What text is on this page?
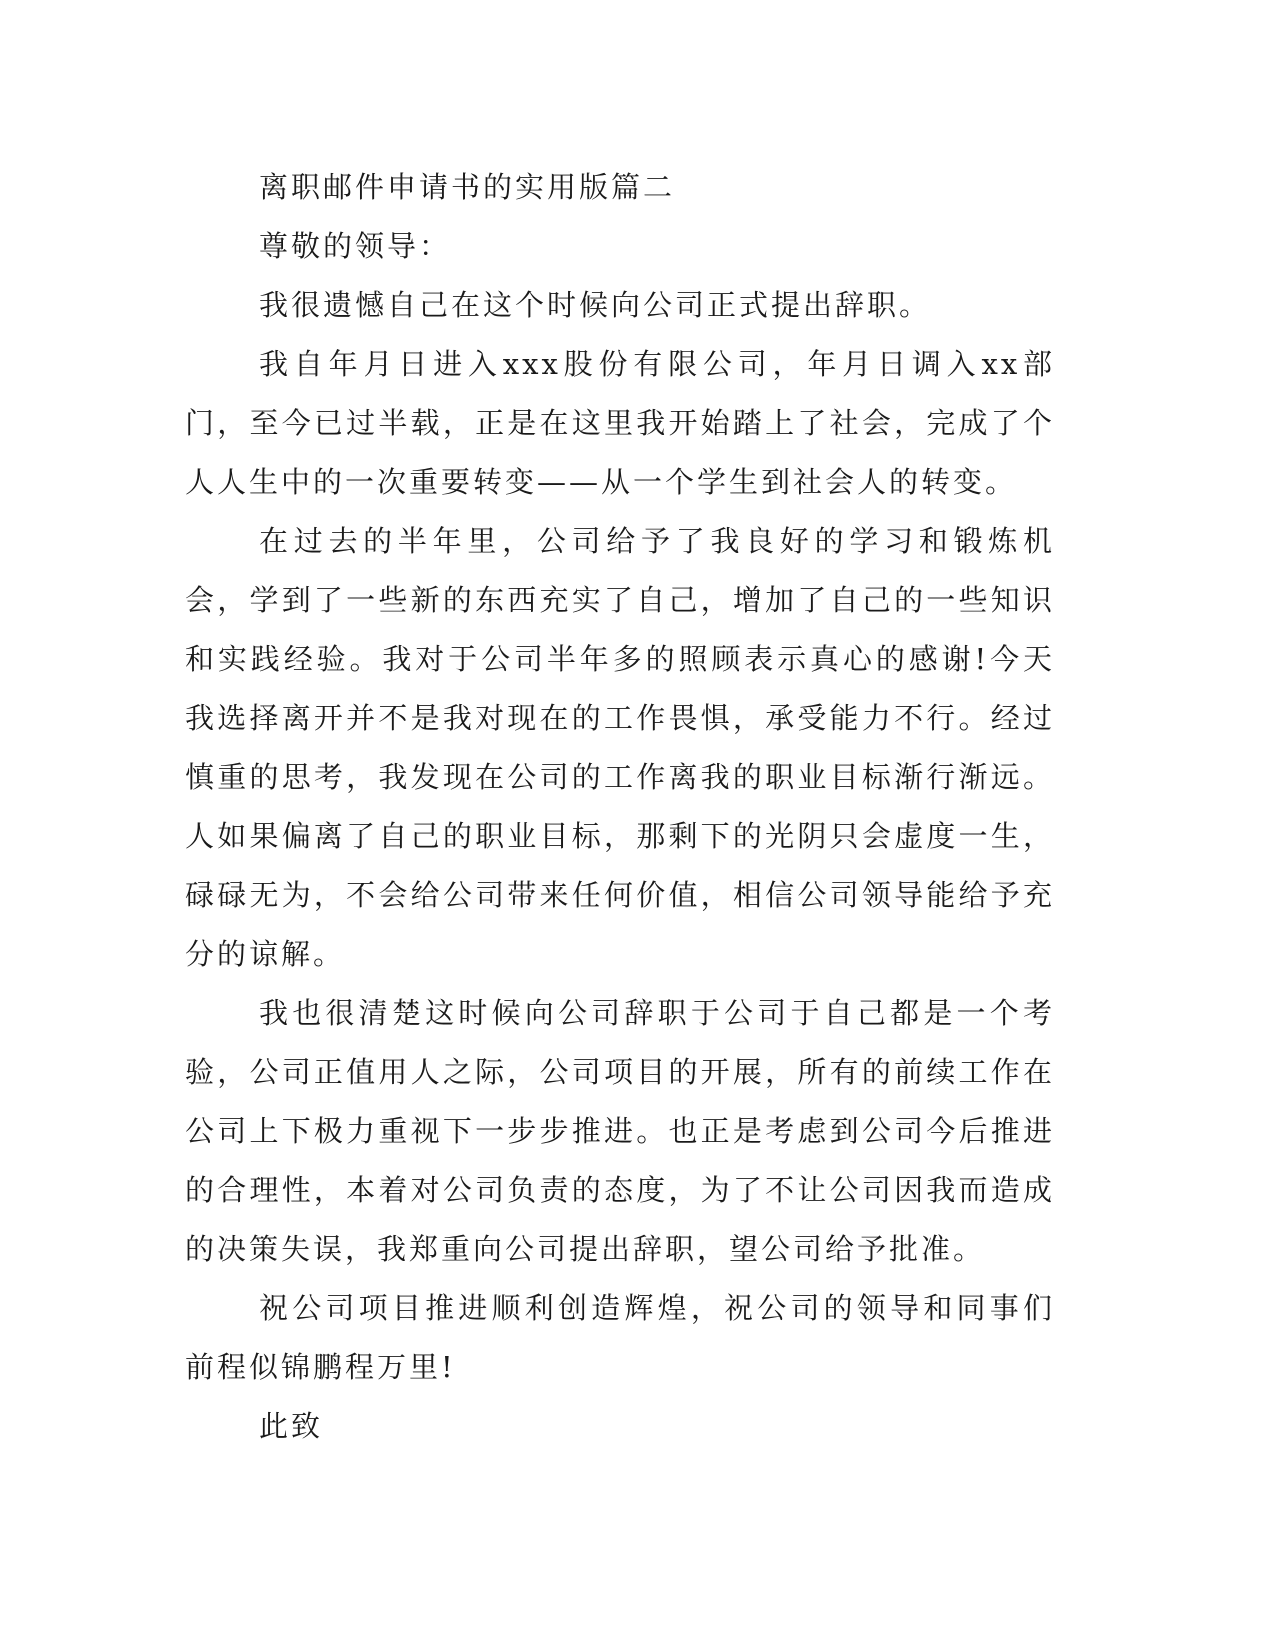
离职邮件申请书的实用版篇二

尊敬的领导：

我很遗憾自己在这个时候向公司正式提出辞职。

我自年月日进入xxx股份有限公司，年月日调入xx部门，至今已过半载，正是在这里我开始踏上了社会，完成了个人人生中的一次重要转变——从一个学生到社会人的转变。

在过去的半年里，公司给予了我良好的学习和锻炼机会，学到了一些新的东西充实了自己，增加了自己的一些知识和实践经验。我对于公司半年多的照顾表示真心的感谢!今天我选择离开并不是我对现在的工作畏惧，承受能力不行。经过慎重的思考，我发现在公司的工作离我的职业目标渐行渐远。人如果偏离了自己的职业目标，那剩下的光阴只会虚度一生，碌碌无为，不会给公司带来任何价值，相信公司领导能给予充分的谅解。

我也很清楚这时候向公司辞职于公司于自己都是一个考验，公司正值用人之际，公司项目的开展，所有的前续工作在公司上下极力重视下一步步推进。也正是考虑到公司今后推进的合理性，本着对公司负责的态度，为了不让公司因我而造成的决策失误，我郑重向公司提出辞职，望公司给予批准。

祝公司项目推进顺利创造辉煌，祝公司的领导和同事们前程似锦鹏程万里!

此致
